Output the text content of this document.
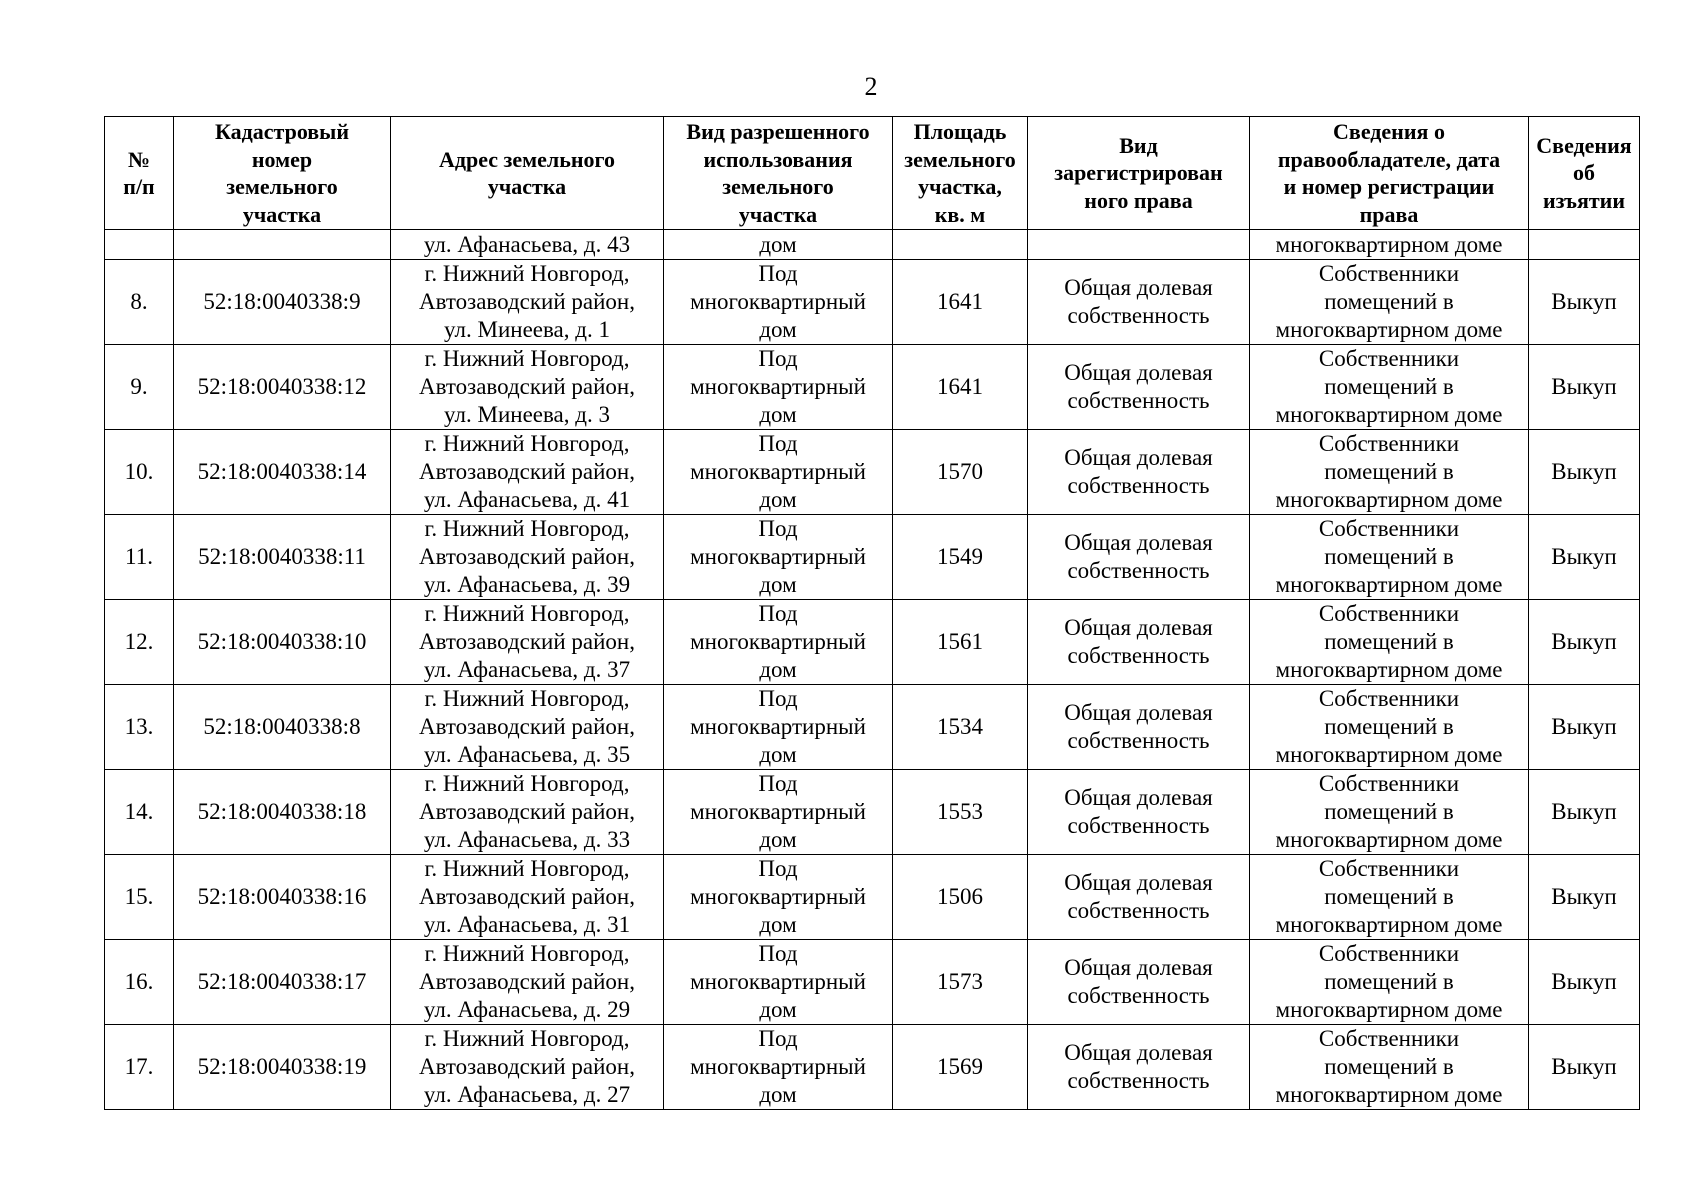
2
№
п/п	Кадастровый
номер
земельного
участка	Адрес земельного
участка	Вид разрешенного
использования
земельного
участка	Площадь
земельного
участка,
кв. м	Вид
зарегистрирован
ного права	Сведения о
правообладателе, дата
и номер регистрации
права	Сведения
об
изъятии

		ул. Афанасьева, д. 43	дом			многоквартирном доме	
8.	52:18:0040338:9	г. Нижний Новгород,
Автозаводский район,
ул. Минеева, д. 1	Под
многоквартирный
дом	1641	Общая долевая
собственность	Собственники
помещений в
многоквартирном доме	Выкуп
9.	52:18:0040338:12	г. Нижний Новгород,
Автозаводский район,
ул. Минеева, д. 3	Под
многоквартирный
дом	1641	Общая долевая
собственность	Собственники
помещений в
многоквартирном доме	Выкуп
10.	52:18:0040338:14	г. Нижний Новгород,
Автозаводский район,
ул. Афанасьева, д. 41	Под
многоквартирный
дом	1570	Общая долевая
собственность	Собственники
помещений в
многоквартирном доме	Выкуп
11.	52:18:0040338:11	г. Нижний Новгород,
Автозаводский район,
ул. Афанасьева, д. 39	Под
многоквартирный
дом	1549	Общая долевая
собственность	Собственники
помещений в
многоквартирном доме	Выкуп
12.	52:18:0040338:10	г. Нижний Новгород,
Автозаводский район,
ул. Афанасьева, д. 37	Под
многоквартирный
дом	1561	Общая долевая
собственность	Собственники
помещений в
многоквартирном доме	Выкуп
13.	52:18:0040338:8	г. Нижний Новгород,
Автозаводский район,
ул. Афанасьева, д. 35	Под
многоквартирный
дом	1534	Общая долевая
собственность	Собственники
помещений в
многоквартирном доме	Выкуп
14.	52:18:0040338:18	г. Нижний Новгород,
Автозаводский район,
ул. Афанасьева, д. 33	Под
многоквартирный
дом	1553	Общая долевая
собственность	Собственники
помещений в
многоквартирном доме	Выкуп
15.	52:18:0040338:16	г. Нижний Новгород,
Автозаводский район,
ул. Афанасьева, д. 31	Под
многоквартирный
дом	1506	Общая долевая
собственность	Собственники
помещений в
многоквартирном доме	Выкуп
16.	52:18:0040338:17	г. Нижний Новгород,
Автозаводский район,
ул. Афанасьева, д. 29	Под
многоквартирный
дом	1573	Общая долевая
собственность	Собственники
помещений в
многоквартирном доме	Выкуп
17.	52:18:0040338:19	г. Нижний Новгород,
Автозаводский район,
ул. Афанасьева, д. 27	Под
многоквартирный
дом	1569	Общая долевая
собственность	Собственники
помещений в
многоквартирном доме	Выкуп
